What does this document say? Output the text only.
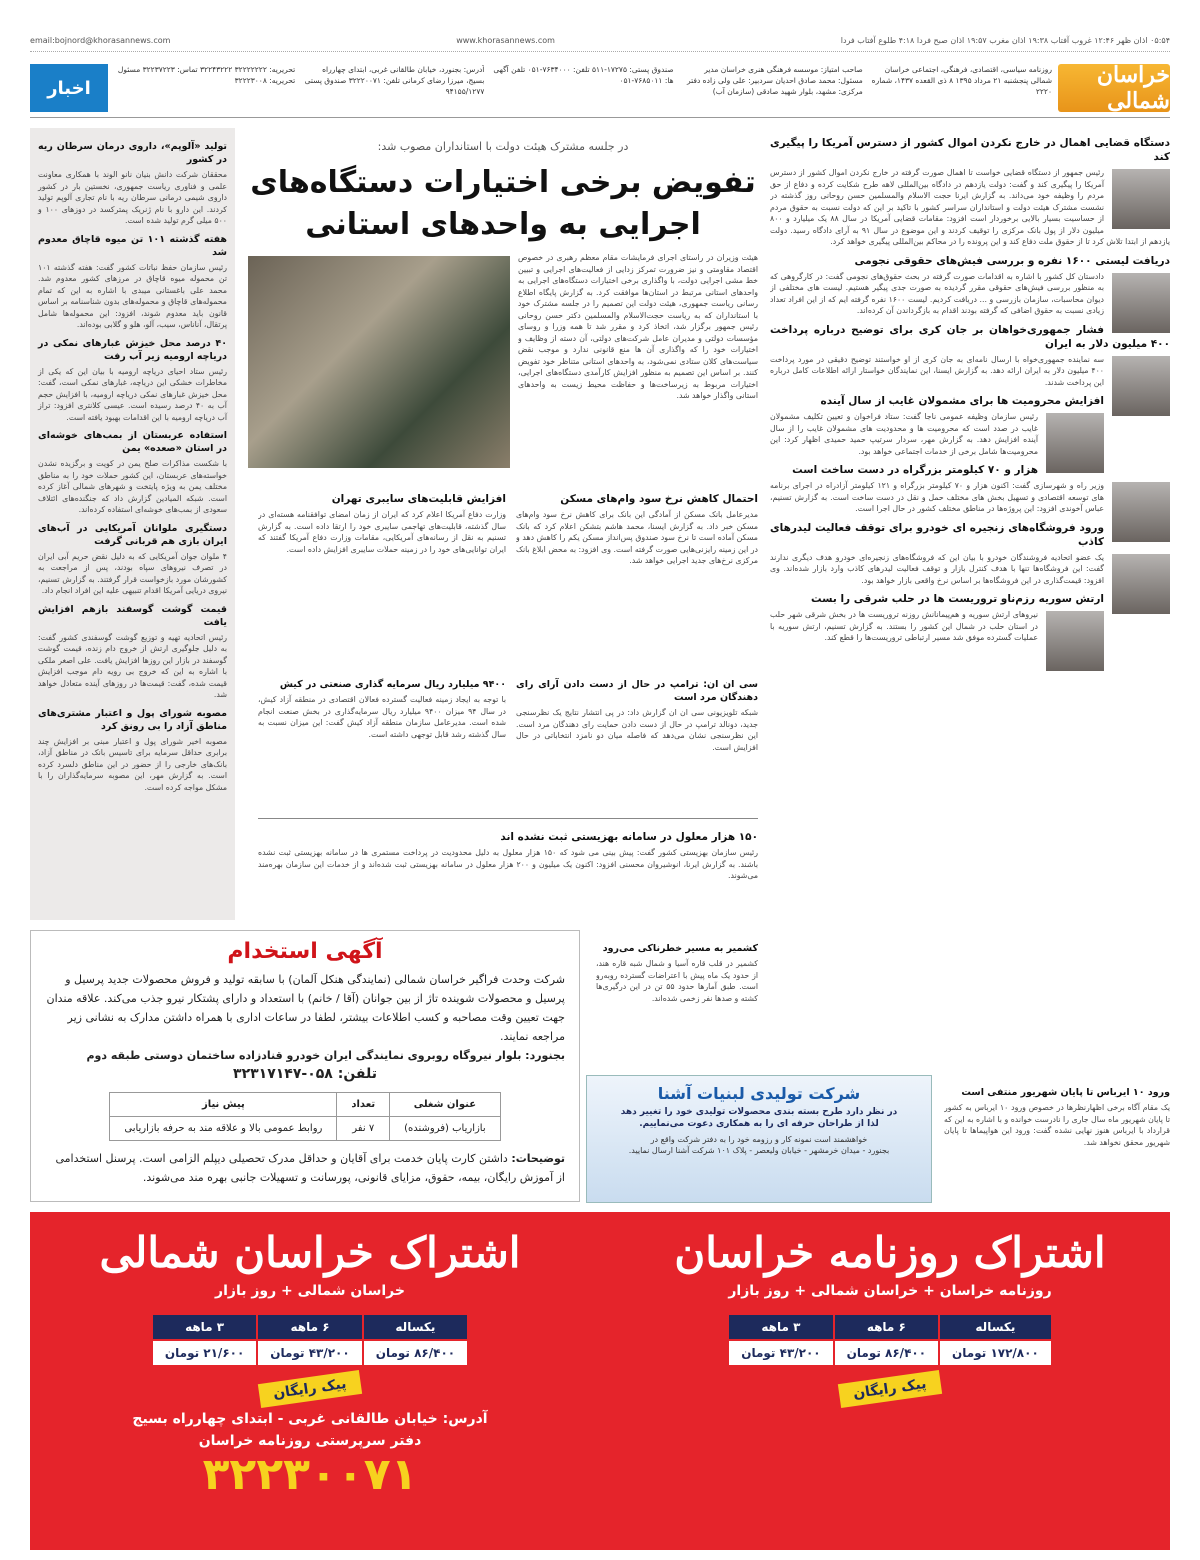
۰۵:۵۴ اذان ظهر ۱۲:۴۶ غروب آفتاب ۱۹:۳۸ اذان مغرب ۱۹:۵۷ اذان صبح فردا ۴:۱۸ طلوع آفتاب فردا
www.khorasannews.com
email:bojnord@khorasannews.com
خراسان شمالی
روزنامه سیاسی، اقتصادی، فرهنگی، اجتماعی خراسان شمالی پنجشنبه ۲۱ مرداد ۱۳۹۵ ۸ ذی القعده ۱۴۳۷، شماره ۲۲۲۰
صاحب امتیاز: موسسه فرهنگی هنری خراسان مدیر مسئول: محمد صادق احدیان سردبیر: علی ولی زاده دفتر مرکزی: مشهد، بلوار شهید صادقی (سازمان آب)
صندوق پستی: ۱۷۲۷۵-۵۱۱ تلفن: ۷۶۳۴۰۰۰-۰۵۱ تلفن آگهی ها: ۷۶۸۵۰۱۱-۰۵۱
آدرس: بجنورد، خیابان طالقانی غربی، ابتدای چهارراه بسیج، میرزا رضای کرمانی تلفن: ۳۲۲۲۰۰۷۱ صندوق پستی ۹۴۱۵۵/۱۲۷۷
تحریریه: ۳۲۲۲۲۲۲۲ ۳۲۲۴۳۲۲۲ تماس: ۳۲۲۳۷۲۲۳ مسئول تحریریه: ۳۲۲۲۳۰۰۸
اخبار
دستگاه قضایی اهمال در خارج نکردن اموال کشور از دسترس آمریکا را پیگیری کند
رئیس جمهور از دستگاه قضایی خواست تا اهمال صورت گرفته در خارج نکردن اموال کشور از دسترس آمریکا را پیگیری کند و گفت: دولت یازدهم در دادگاه بین‌المللی لاهه طرح شکایت کرده و دفاع از حق مردم را وظیفه خود می‌داند. به گزارش ایرنا حجت الاسلام والمسلمین حسن روحانی روز گذشته در نشست مشترک هیئت دولت و استانداران سراسر کشور با تاکید بر این که دولت نسبت به حقوق مردم از حساسیت بسیار بالایی برخوردار است افزود: مقامات قضایی آمریکا در سال ۸۸ یک میلیارد و ۸۰۰ میلیون دلار از پول بانک مرکزی را توقیف کردند و این موضوع در سال ۹۱ به آرای دادگاه رسید. دولت یازدهم از ابتدا تلاش کرد تا از حقوق ملت دفاع کند و این پرونده را در محاکم بین‌المللی پیگیری خواهد کرد.
دریافت لیستی ۱۶۰۰ نفره و بررسی فیش‌های حقوقی نجومی
دادستان کل کشور با اشاره به اقدامات صورت گرفته در بحث حقوق‌های نجومی گفت: در کارگروهی که به منظور بررسی فیش‌های حقوقی مقرر گردیده به صورت جدی پیگیر هستیم. لیست های مختلفی از دیوان محاسبات، سازمان بازرسی و ... دریافت کردیم. لیست ۱۶۰۰ نفره گرفته ایم که از این افراد تعداد زیادی نسبت به حقوق اضافی که گرفته بودند اقدام به بازگرداندن آن کرده‌اند.
فشار جمهوری‌خواهان بر جان کری برای توضیح درباره پرداخت ۴۰۰ میلیون دلار به ایران
سه نماینده جمهوری‌خواه با ارسال نامه‌ای به جان کری از او خواستند توضیح دقیقی در مورد پرداخت ۴۰۰ میلیون دلار به ایران ارائه دهد. به گزارش ایسنا، این نمایندگان خواستار ارائه اطلاعات کامل درباره این پرداخت شدند.
افزایش محرومیت ها برای مشمولان غایب از سال آینده
رئیس سازمان وظیفه عمومی ناجا گفت: ستاد فراخوان و تعیین تکلیف مشمولان غایب در صدد است که محرومیت ها و محدودیت های مشمولان غایب را از سال آینده افزایش دهد. به گزارش مهر، سردار سرتیپ حمید حمیدی اظهار کرد: این محرومیت‌ها شامل برخی از خدمات اجتماعی خواهد بود.
هزار و ۷۰ کیلومتر بزرگراه در دست ساخت است
وزیر راه و شهرسازی گفت: اکنون هزار و ۷۰ کیلومتر بزرگراه و ۱۲۱ کیلومتر آزادراه در اجرای برنامه های توسعه اقتصادی و تسهیل بخش های مختلف حمل و نقل در دست ساخت است. به گزارش تسنیم، عباس آخوندی افزود: این پروژه‌ها در مناطق مختلف کشور در حال اجرا است.
ورود فروشگاه‌های زنجیره ای خودرو برای توقف فعالیت لیدرهای کاذب
یک عضو اتحادیه فروشندگان خودرو با بیان این که فروشگاه‌های زنجیره‌ای خودرو هدف دیگری ندارند گفت: این فروشگاه‌ها تنها با هدف کنترل بازار و توقف فعالیت لیدرهای کاذب وارد بازار شده‌اند. وی افزود: قیمت‌گذاری در این فروشگاه‌ها بر اساس نرخ واقعی بازار خواهد بود.
ارتش سوریه رزم‌ناو تروریست ها در حلب شرقی را بست
نیروهای ارتش سوریه و هم‌پیمانانش روزنه تروریست ها در بخش شرقی شهر حلب در استان حلب در شمال این کشور را بستند. به گزارش تسنیم، ارتش سوریه با عملیات گسترده موفق شد مسیر ارتباطی تروریست‌ها را قطع کند.
تولید «آلوپم»، داروی درمان سرطان ریه در کشور
محققان شرکت دانش بنیان نانو الوند با همکاری معاونت علمی و فناوری ریاست جمهوری، نخستین بار در کشور داروی شیمی درمانی سرطان ریه با نام تجاری آلوپم تولید کردند. این دارو با نام ژنریک پمترکسد در دوزهای ۱۰۰ و ۵۰۰ میلی گرم تولید شده است.
هفته گذشته ۱۰۱ تن میوه قاچاق معدوم شد
رئیس سازمان حفظ نباتات کشور گفت: هفته گذشته ۱۰۱ تن محموله میوه قاچاق در مرزهای کشور معدوم شد. محمد علی باغستانی میبدی با اشاره به این که تمام محموله‌های قاچاق و محموله‌های بدون شناسنامه بر اساس قانون باید معدوم شوند، افزود: این محموله‌ها شامل پرتقال، آناناس، سیب، آلو، هلو و گلابی بوده‌اند.
۴۰ درصد محل خیزش غبارهای نمکی در دریاچه ارومیه زیر آب رفت
رئیس ستاد احیای دریاچه ارومیه با بیان این که یکی از مخاطرات خشکی این دریاچه، غبارهای نمکی است، گفت: محل خیزش غبارهای نمکی دریاچه ارومیه، با افزایش حجم آب به ۴۰ درصد رسیده است. عیسی کلانتری افزود: تراز آب دریاچه ارومیه با این اقدامات بهبود یافته است.
استفاده عربستان از بمب‌های خوشه‌ای در استان «صعده» یمن
با شکست مذاکرات صلح یمن در کویت و برگزیده نشدن خواسته‌های عربستان، این کشور حملات خود را به مناطق مختلف یمن به ویژه پایتخت و شهرهای شمالی آغاز کرده است. شبکه المیادین گزارش داد که جنگنده‌های ائتلاف سعودی از بمب‌های خوشه‌ای استفاده کرده‌اند.
دستگیری ملوانان آمریکایی در آب‌های ایران بازی هم قربانی گرفت
۴ ملوان جوان آمریکایی که به دلیل نقض حریم آبی ایران در تصرف نیروهای سپاه بودند، پس از مراجعت به کشورشان مورد بازخواست قرار گرفتند. به گزارش تسنیم، نیروی دریایی آمریکا اقدام تنبیهی علیه این افراد انجام داد.
قیمت گوشت گوسفند بازهم افزایش یافت
رئیس اتحادیه تهیه و توزیع گوشت گوسفندی کشور گفت: به دلیل جلوگیری ارتش از خروج دام زنده، قیمت گوشت گوسفند در بازار این روزها افزایش یافت. علی اصغر ملکی با اشاره به این که خروج بی رویه دام موجب افزایش قیمت شده، گفت: قیمت‌ها در روزهای آینده متعادل خواهد شد.
مصوبه شورای پول و اعتبار مشتری‌های مناطق آزاد را بی رونق کرد
مصوبه اخیر شورای پول و اعتبار مبنی بر افزایش چند برابری حداقل سرمایه برای تاسیس بانک در مناطق آزاد، بانک‌های خارجی را از حضور در این مناطق دلسرد کرده است. به گزارش مهر، این مصوبه سرمایه‌گذاران را با مشکل مواجه کرده است.
در جلسه مشترک هیئت دولت با استانداران مصوب شد:
تفویض برخی اختیارات دستگاه‌های اجرایی به واحدهای استانی
هیئت وزیران در راستای اجرای فرمایشات مقام معظم رهبری در خصوص اقتصاد مقاومتی و نیز ضرورت تمرکز زدایی از فعالیت‌های اجرایی و تبیین خط مشی اجرایی دولت، با واگذاری برخی اختیارات دستگاه‌های اجرایی به واحدهای استانی مرتبط در استان‌ها موافقت کرد. به گزارش پایگاه اطلاع رسانی ریاست جمهوری، هیئت دولت این تصمیم را در جلسه مشترک خود با استانداران که به ریاست حجت‌الاسلام والمسلمین دکتر حسن روحانی رئیس جمهور برگزار شد، اتخاذ کرد و مقرر شد تا همه وزرا و روسای مؤسسات دولتی و مدیران عامل شرکت‌های دولتی، آن دسته از وظایف و اختیارات خود را که واگذاری آن ها منع قانونی ندارد و موجب نقض سیاست‌های کلان ستادی نمی‌شود، به واحدهای استانی متناظر خود تفویض کنند. بر اساس این تصمیم به منظور افزایش کارآمدی دستگاه‌های اجرایی، اختیارات مربوط به زیرساخت‌ها و حفاظت محیط زیست به واحدهای استانی واگذار خواهد شد.
احتمال کاهش نرخ سود وام‌های مسکن
مدیرعامل بانک مسکن از آمادگی این بانک برای کاهش نرخ سود وام‌های مسکن خبر داد. به گزارش ایسنا، محمد هاشم بتشکن اعلام کرد که بانک مسکن آماده است تا نرخ سود صندوق پس‌انداز مسکن یکم را کاهش دهد و در این زمینه رایزنی‌هایی صورت گرفته است. وی افزود: به محض ابلاغ بانک مرکزی نرخ‌های جدید اجرایی خواهد شد.
افزایش قابلیت‌های سایبری تهران
وزارت دفاع آمریکا اعلام کرد که ایران از زمان امضای توافقنامه هسته‌ای در سال گذشته، قابلیت‌های تهاجمی سایبری خود را ارتقا داده است. به گزارش تسنیم به نقل از رسانه‌های آمریکایی، مقامات وزارت دفاع آمریکا گفتند که ایران توانایی‌های خود را در زمینه حملات سایبری افزایش داده است.
سی ان ان: ترامپ در حال از دست دادن آرای رای دهندگان مرد است
شبکه تلویزیونی سی ان ان گزارش داد: در پی انتشار نتایج یک نظرسنجی جدید، دونالد ترامپ در حال از دست دادن حمایت رای دهندگان مرد است. این نظرسنجی نشان می‌دهد که فاصله میان دو نامزد انتخاباتی در حال افزایش است.
۹۴۰۰ میلیارد ریال سرمایه گذاری صنعتی در کیش
با توجه به ایجاد زمینه فعالیت گسترده فعالان اقتصادی در منطقه آزاد کیش، در سال ۹۴ میزان ۹۴۰۰ میلیارد ریال سرمایه‌گذاری در بخش صنعت انجام شده است. مدیرعامل سازمان منطقه آزاد کیش گفت: این میزان نسبت به سال گذشته رشد قابل توجهی داشته است.
۱۵۰ هزار معلول در سامانه بهزیستی ثبت نشده اند
رئیس سازمان بهزیستی کشور گفت: پیش بینی می شود که ۱۵۰ هزار معلول به دلیل محدودیت در پرداخت مستمری ها در سامانه بهزیستی ثبت نشده باشند. به گزارش ایرنا، انوشیروان محسنی افزود: اکنون یک میلیون و ۲۰۰ هزار معلول در سامانه بهزیستی ثبت شده‌اند و از خدمات این سازمان بهره‌مند می‌شوند.
کشمیر به مسیر خطرناکی می‌رود
کشمیر در قلب قاره آسیا و شمال شبه قاره هند، از حدود یک ماه پیش با اعتراضات گسترده روبه‌رو است. طبق آمارها حدود ۵۵ تن در این درگیری‌ها کشته و صدها نفر زخمی شده‌اند.
ورود ۱۰ ایرباس تا پایان شهریور منتفی است
یک مقام آگاه برخی اظهارنظرها در خصوص ورود ۱۰ ایرباس به کشور تا پایان شهریور ماه سال جاری را نادرست خوانده و با اشاره به این که قرارداد با ایرباس هنوز نهایی نشده گفت: ورود این هواپیماها تا پایان شهریور محقق نخواهد شد.
آگهی استخدام
شرکت وحدت فراگیر خراسان شمالی (نمایندگی هنکل آلمان) با سابقه تولید و فروش محصولات جدید پرسیل و پرسیل و محصولات شوینده تاژ از بین جوانان (آقا / خانم) با استعداد و دارای پشتکار نیرو جذب می‌کند. علاقه مندان جهت تعیین وقت مصاحبه و کسب اطلاعات بیشتر، لطفا در ساعات اداری با همراه داشتن مدارک به نشانی زیر مراجعه نمایند.
بجنورد: بلوار نیروگاه روبروی نمایندگی ایران خودرو قنادزاده ساختمان دوستی طبقه دوم
تلفن: ۰۵۸-۳۲۳۱۷۱۴۷
عنوان شغلی	تعداد	پیش نیاز
بازاریاب (فروشنده)	۷ نفر	روابط عمومی بالا و علاقه مند به حرفه بازاریابی
توضیحات: داشتن کارت پایان خدمت برای آقایان و حداقل مدرک تحصیلی دیپلم الزامی است. پرسنل استخدامی از آموزش رایگان، بیمه، حقوق، مزایای قانونی، پورسانت و تسهیلات جانبی بهره مند می‌شوند.
شرکت تولیدی لبنیات آشنا
در نظر دارد طرح بسته بندی محصولات تولیدی خود را تغییر دهد
لذا از طراحان حرفه ای را به همکاری دعوت می‌نماییم.
خواهشمند است نمونه کار و رزومه خود را به دفتر شرکت واقع در
بجنورد - میدان خرمشهر - خیابان ولیعصر - پلاک ۱۰۱ شرکت آشنا ارسال نمایید.
اشتراک روزنامه خراسان
روزنامه خراسان + خراسان شمالی + روز بازار
یکساله	۶ ماهه	۳ ماهه
۱۷۲/۸۰۰ تومان	۸۶/۴۰۰ تومان	۴۳/۲۰۰ تومان
پیک رایگان
اشتراک خراسان شمالی
خراسان شمالی + روز بازار
یکساله	۶ ماهه	۳ ماهه
۸۶/۴۰۰ تومان	۴۳/۲۰۰ تومان	۲۱/۶۰۰ تومان
پیک رایگان
آدرس: خیابان طالقانی غربی - ابتدای چهارراه بسیج
دفتر سرپرستی روزنامه خراسان
۳۲۲۳۰۰۷۱
